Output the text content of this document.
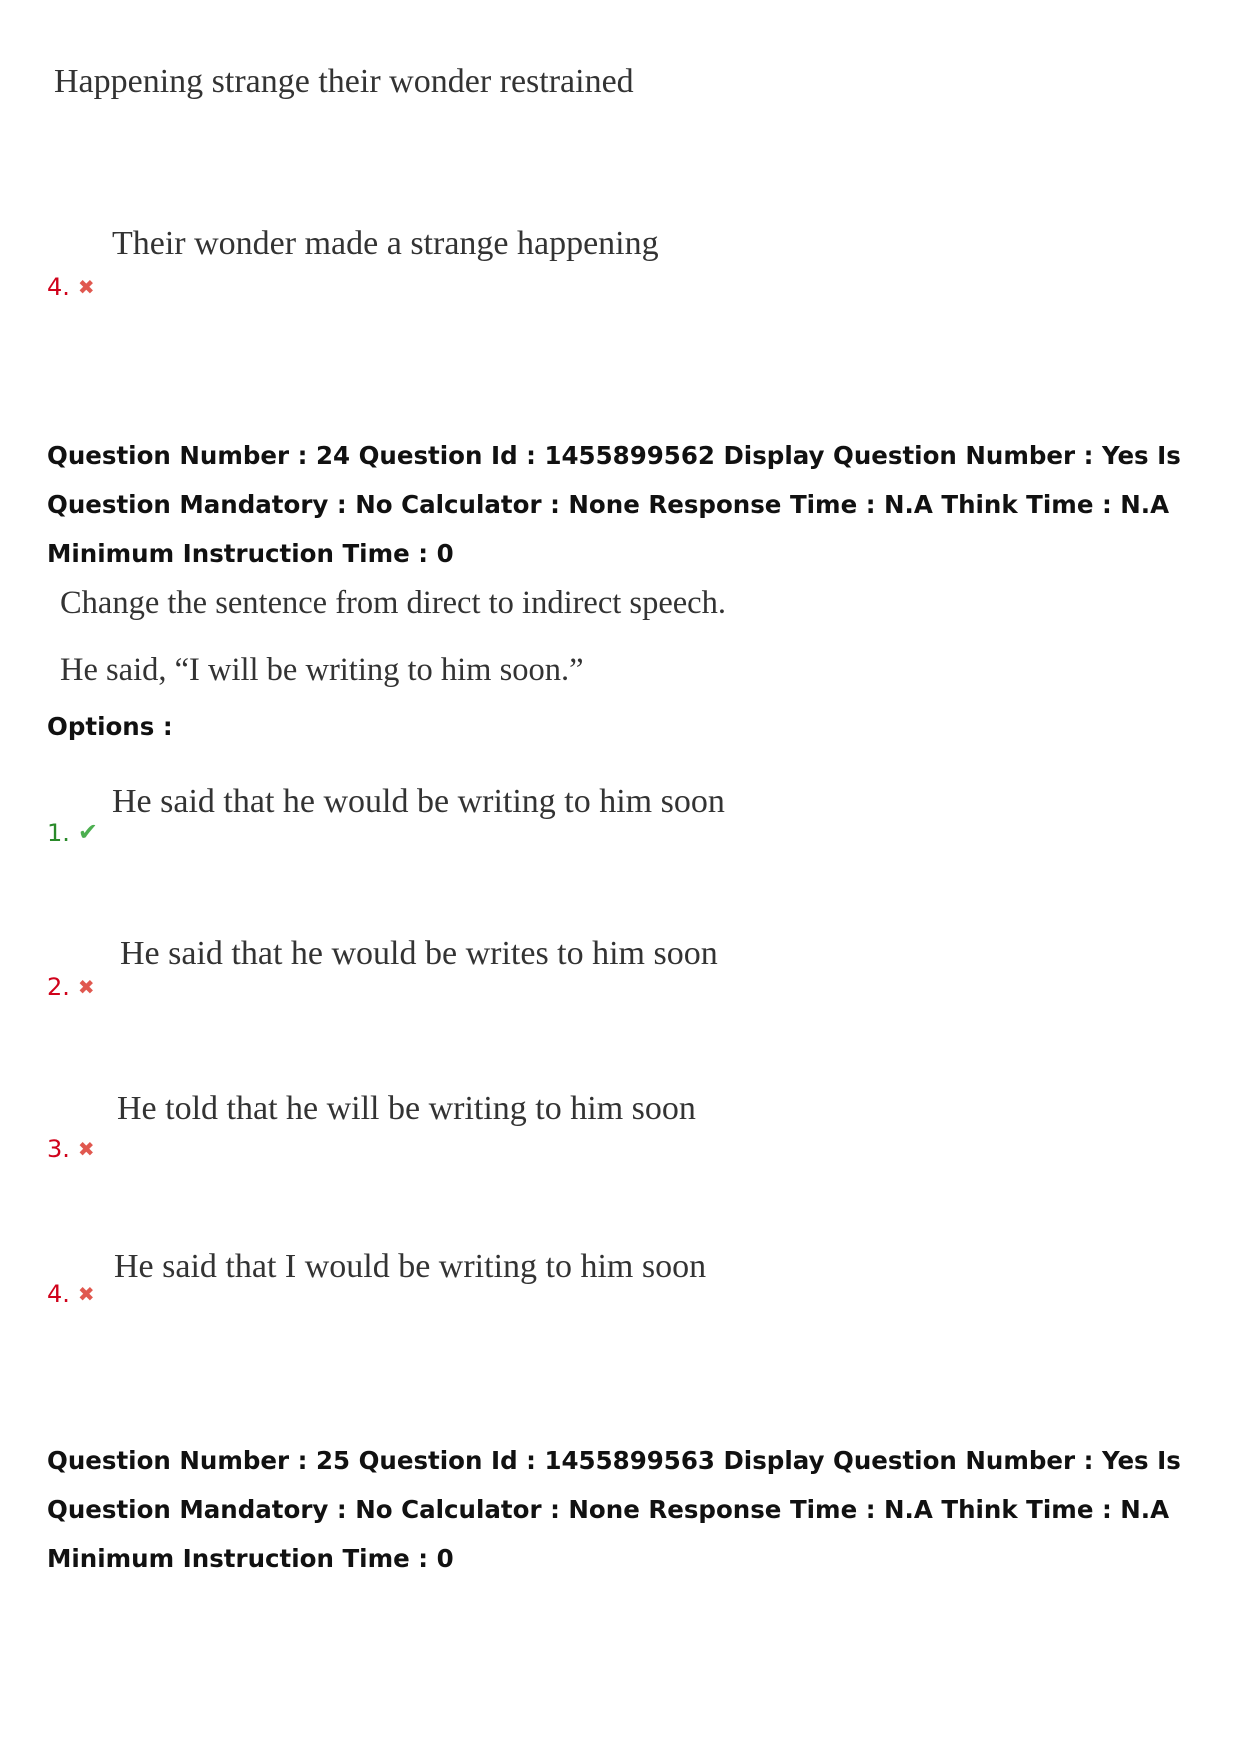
Happening strange their wonder restrained
Their wonder made a strange happening
4. ✖
Question Number : 24 Question Id : 1455899562 Display Question Number : Yes Is Question Mandatory : No Calculator : None Response Time : N.A Think Time : N.A Minimum Instruction Time : 0
Change the sentence from direct to indirect speech.
He said, “I will be writing to him soon.”
Options :
He said that he would be writing to him soon
1. ✔
He said that he would be writes to him soon
2. ✖
He told that he will be writing to him soon
3. ✖
He said that I would be writing to him soon
4. ✖
Question Number : 25 Question Id : 1455899563 Display Question Number : Yes Is Question Mandatory : No Calculator : None Response Time : N.A Think Time : N.A Minimum Instruction Time : 0
